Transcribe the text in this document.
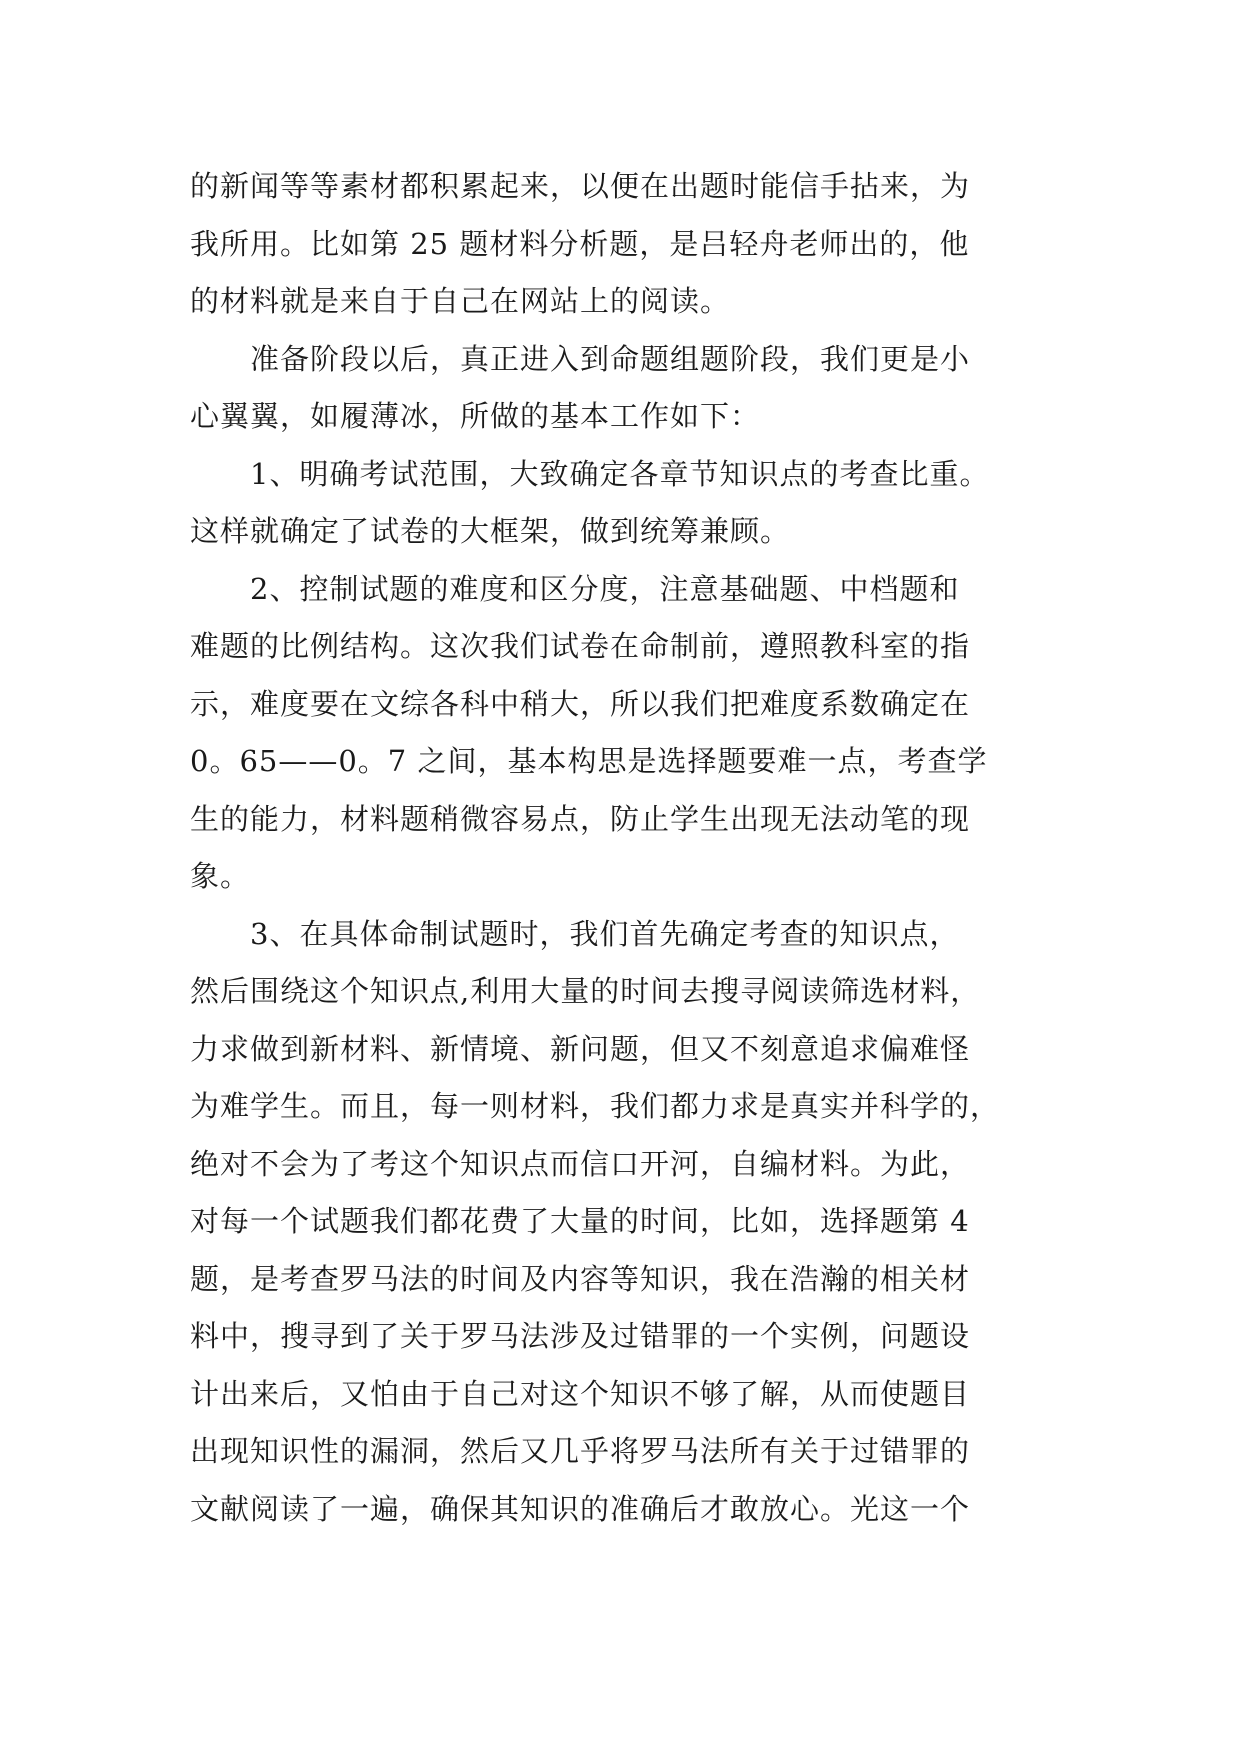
的新闻等等素材都积累起来，以便在出题时能信手拈来，为
我所用。比如第 25 题材料分析题，是吕轻舟老师出的，他
的材料就是来自于自己在网站上的阅读。
　　准备阶段以后，真正进入到命题组题阶段，我们更是小
心翼翼，如履薄冰，所做的基本工作如下：
　　1、明确考试范围，大致确定各章节知识点的考查比重。
这样就确定了试卷的大框架，做到统筹兼顾。
　　2、控制试题的难度和区分度，注意基础题、中档题和
难题的比例结构。这次我们试卷在命制前，遵照教科室的指
示，难度要在文综各科中稍大，所以我们把难度系数确定在
0。65——0。7 之间，基本构思是选择题要难一点，考查学
生的能力，材料题稍微容易点，防止学生出现无法动笔的现
象。
　　3、在具体命制试题时，我们首先确定考查的知识点，
然后围绕这个知识点,利用大量的时间去搜寻阅读筛选材料，
力求做到新材料、新情境、新问题，但又不刻意追求偏难怪
为难学生。而且，每一则材料，我们都力求是真实并科学的，
绝对不会为了考这个知识点而信口开河，自编材料。为此，
对每一个试题我们都花费了大量的时间，比如，选择题第 4
题，是考查罗马法的时间及内容等知识，我在浩瀚的相关材
料中，搜寻到了关于罗马法涉及过错罪的一个实例，问题设
计出来后，又怕由于自己对这个知识不够了解，从而使题目
出现知识性的漏洞，然后又几乎将罗马法所有关于过错罪的
文献阅读了一遍，确保其知识的准确后才敢放心。光这一个
